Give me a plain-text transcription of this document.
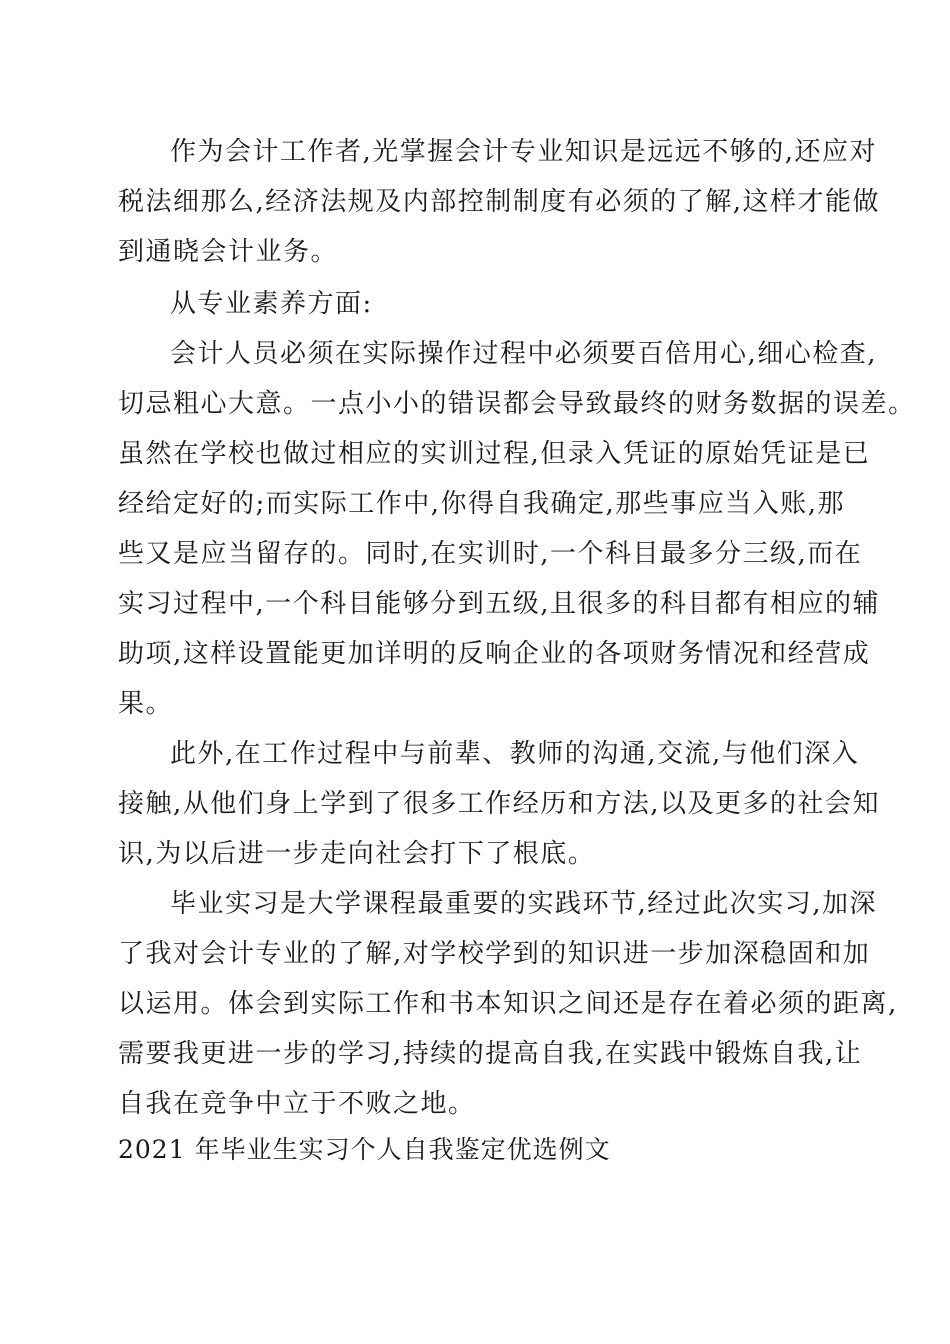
作为会计工作者,光掌握会计专业知识是远远不够的,还应对
税法细那么,经济法规及内部控制制度有必须的了解,这样才能做
到通晓会计业务。
从专业素养方面:
会计人员必须在实际操作过程中必须要百倍用心,细心检查,
切忌粗心大意。一点小小的错误都会导致最终的财务数据的误差。
虽然在学校也做过相应的实训过程,但录入凭证的原始凭证是已
经给定好的;而实际工作中,你得自我确定,那些事应当入账,那
些又是应当留存的。同时,在实训时,一个科目最多分三级,而在
实习过程中,一个科目能够分到五级,且很多的科目都有相应的辅
助项,这样设置能更加详明的反响企业的各项财务情况和经营成
果。
此外,在工作过程中与前辈、教师的沟通,交流,与他们深入
接触,从他们身上学到了很多工作经历和方法,以及更多的社会知
识,为以后进一步走向社会打下了根底。
毕业实习是大学课程最重要的实践环节,经过此次实习,加深
了我对会计专业的了解,对学校学到的知识进一步加深稳固和加
以运用。体会到实际工作和书本知识之间还是存在着必须的距离,
需要我更进一步的学习,持续的提高自我,在实践中锻炼自我,让
自我在竞争中立于不败之地。
2021 年毕业生实习个人自我鉴定优选例文
